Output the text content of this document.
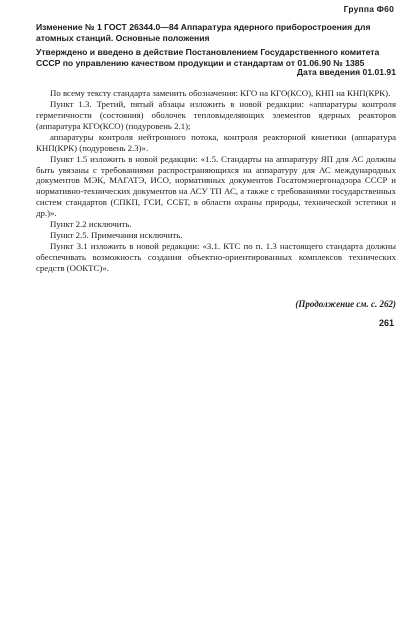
Группа Ф60
Изменение № 1 ГОСТ 26344.0—84 Аппаратура ядерного приборостроения для
атомных станций. Основные положения
Утверждено и введено в действие Постановлением Государственного комитета СССР по управлению качеством продукции и стандартам от 01.06.90 № 1385
Дата введения 01.01.91

По всему тексту стандарта заменить обозначения: КГО на КГО(КСО), КНП на КНП(КРК).

Пункт 1.3. Третий, пятый абзацы изложить в новой редакции: «аппаратуры контроля герметичности (состояния) оболочек тепловыделяющих элементов ядерных реакторов (аппаратура КГО(КСО) (подуровень 2.1);

аппаратуры контроля нейтронного потока, контроля реакторной кинетики (аппаратура КНП(КРК) (подуровень 2.3)».

Пункт 1.5 изложить в новой редакции: «1.5. Стандарты на аппаратуру ЯП для АС должны быть увязаны с требованиями распространяющихся на аппаратуру для АС международных документов МЭК, МАГАТЭ, ИСО, нормативных документов Госатомэнергонадзора СССР и нормативно-технических документов на АСУ ТП АС, а также с требованиями государственных систем стандартов (СПКП, ГСИ, ССБТ, в области охраны природы, технической эстетики и др.)».

Пункт 2.2 исключить.

Пункт 2.5. Примечания исключить.

Пункт 3.1 изложить в новой редакции: «3.1. КТС по п. 1.3 настоящего стандарта должны обеспечивать возможность создания объектно-ориентированных комплексов технических средств (ООКТС)».

(Продолжение см. с. 262)
261
